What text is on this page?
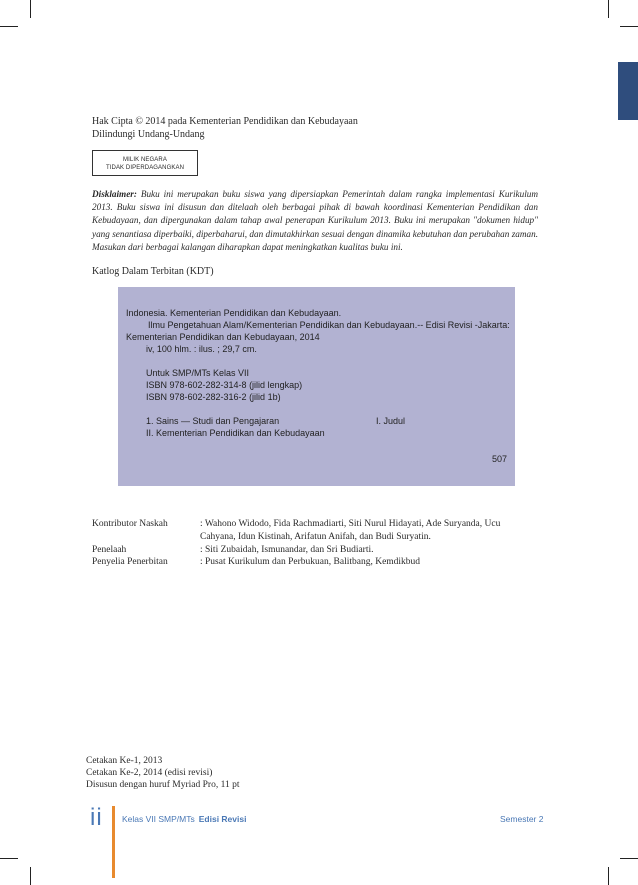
Hak Cipta © 2014 pada Kementerian Pendidikan dan Kebudayaan
Dilindungi Undang-Undang
MILIK NEGARA
TIDAK DIPERDAGANGKAN
Disklaimer: Buku ini merupakan buku siswa yang dipersiapkan Pemerintah dalam rangka implementasi Kurikulum 2013. Buku siswa ini disusun dan ditelaah oleh berbagai pihak di bawah koordinasi Kementerian Pendidikan dan Kebudayaan, dan dipergunakan dalam tahap awal penerapan Kurikulum 2013. Buku ini merupakan "dokumen hidup" yang senantiasa diperbaiki, diperbaharui, dan dimutakhirkan sesuai dengan dinamika kebutuhan dan perubahan zaman. Masukan dari berbagai kalangan diharapkan dapat meningkatkan kualitas buku ini.
Katlog Dalam Terbitan (KDT)
Indonesia. Kementerian Pendidikan dan Kebudayaan.
Ilmu Pengetahuan Alam/Kementerian Pendidikan dan Kebudayaan.-- Edisi Revisi -Jakarta:
Kementerian Pendidikan dan Kebudayaan, 2014
iv, 100 hlm. : ilus. ; 29,7 cm.
Untuk SMP/MTs Kelas VII
ISBN 978-602-282-314-8 (jilid lengkap)
ISBN 978-602-282-316-2 (jilid 1b)
1. Sains — Studi dan Pengajaran	I. Judul
II. Kementerian Pendidikan dan Kebudayaan
507
Kontributor Naskah	: Wahono Widodo, Fida Rachmadiarti, Siti Nurul Hidayati, Ade Suryanda, Ucu
Cahyana, Idun Kistinah, Arifatun Anifah, dan Budi Suryatin.
Penelaah	: Siti Zubaidah, Ismunandar, dan Sri Budiarti.
Penyelia Penerbitan	: Pusat Kurikulum dan Perbukuan, Balitbang, Kemdikbud
Cetakan Ke-1, 2013
Cetakan Ke-2, 2014 (edisi revisi)
Disusun dengan huruf Myriad Pro, 11 pt
ii Kelas VII SMP/MTs Edisi Revisi	Semester 2
